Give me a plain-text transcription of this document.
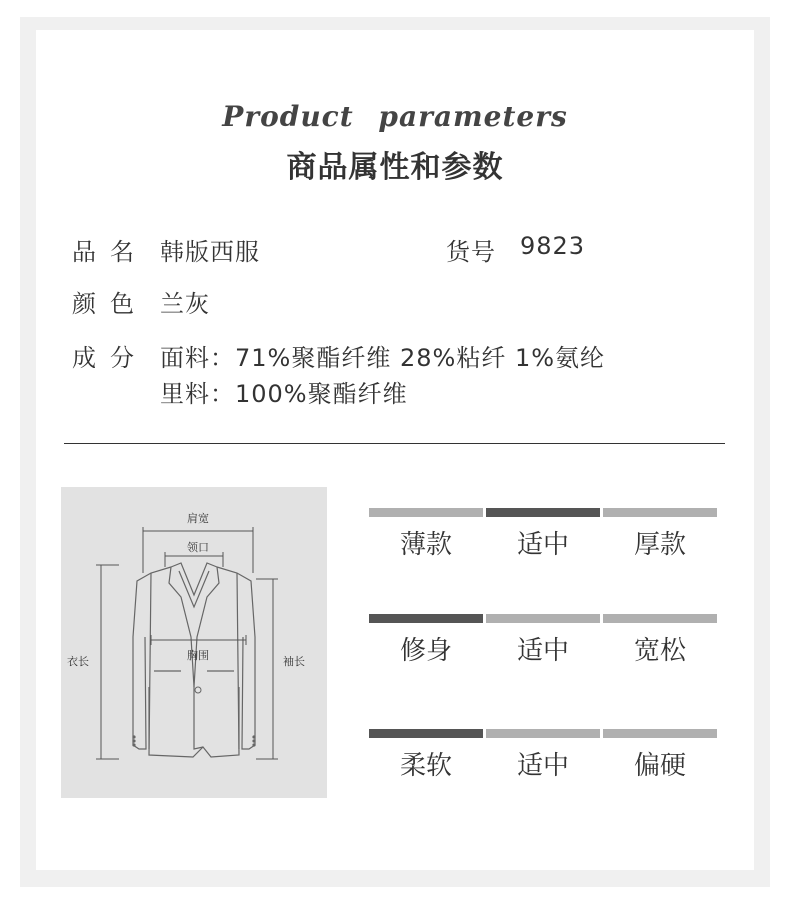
Product parameters
商品属性和参数
品名 韩版西服	货号 9823
颜色 兰灰
成分 面料：71%聚酯纤维 28%粘纤 1%氨纶
里料：100%聚酯纤维
肩宽
领口
胸围
衣长	袖长
薄款	适中	厚款
修身	适中	宽松
柔软	适中	偏硬
